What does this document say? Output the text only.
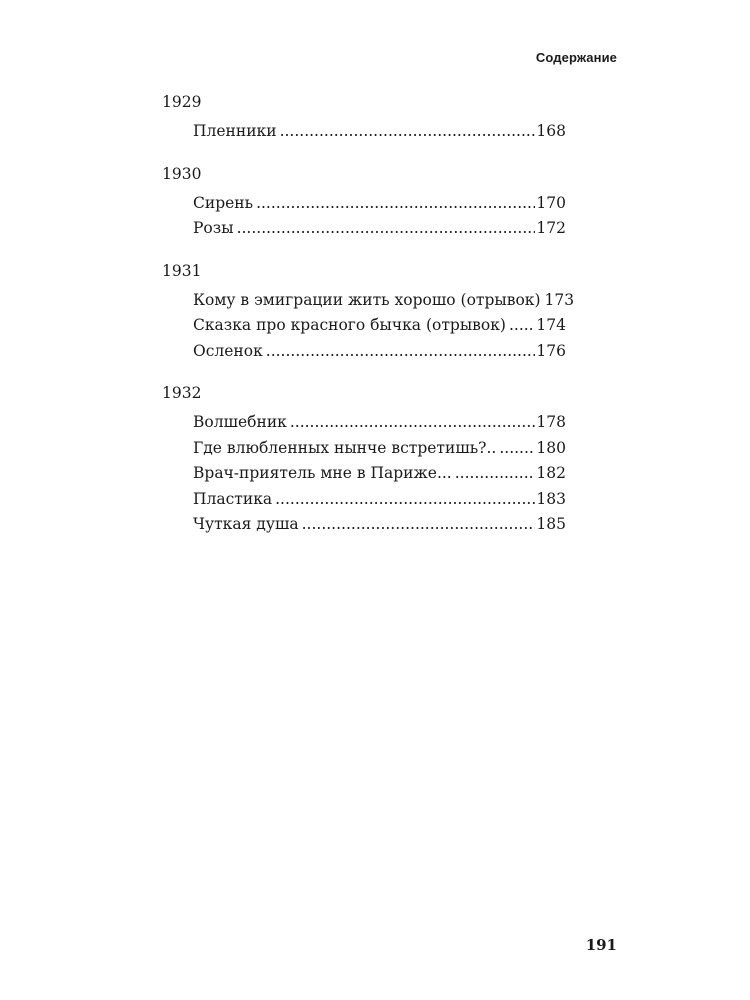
Содержание
1929
Пленники .....	168
1930
Сирень .....	170
Розы .....	172
1931
Кому в эмиграции жить хорошо (отрывок) 173
Сказка про красного бычка (отрывок) ..... 174
Осленок .....	176
1932
Волшебник .....	178
Где влюбленных нынче встретишь?.. .....	180
Врач-приятель мне в Париже... .....	182
Пластика .....	183
Чуткая душа .....	185
191
